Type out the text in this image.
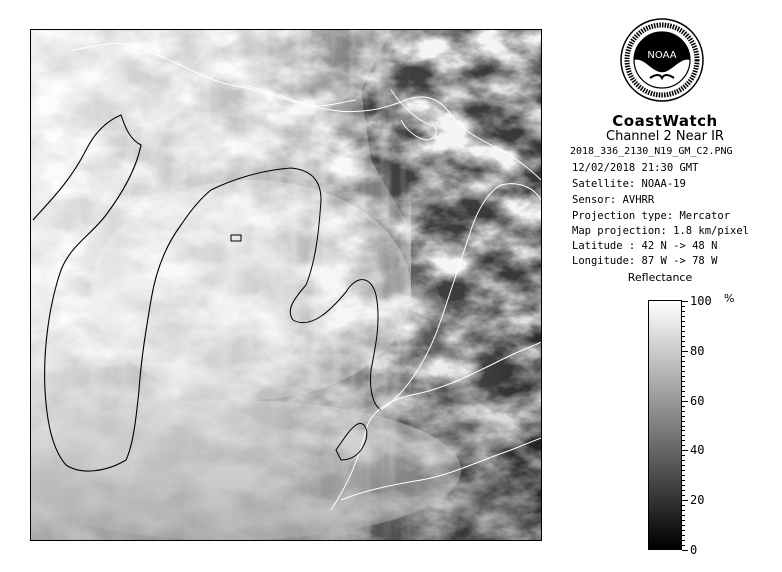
NOAA
CoastWatch
Channel 2 Near IR
2018_336_2130_N19_GM_C2.PNG
12/02/2018 21:30 GMT
Satellite: NOAA-19
Sensor: AVHRR
Projection type: Mercator
Map projection: 1.8 km/pixel
Latitude : 42 N -> 48 N
Longitude: 87 W -> 78 W
Reflectance
%
100
80
60
40
20
0
